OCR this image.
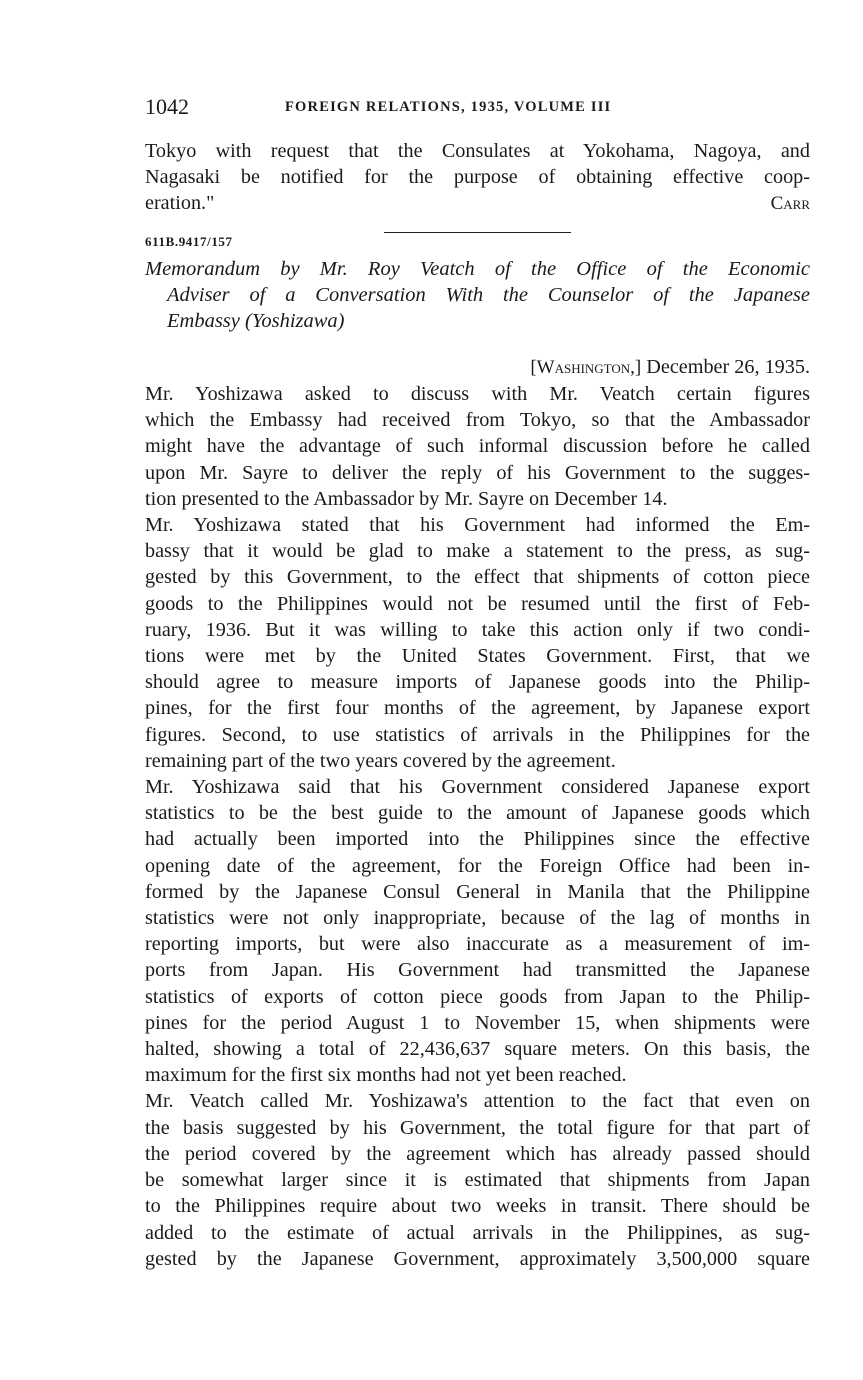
1042	FOREIGN RELATIONS, 1935, VOLUME III
Tokyo with request that the Consulates at Yokohama, Nagoya, and
Nagasaki be notified for the purpose of obtaining effective coop-
eration."	Carr
611B.9417/157
Memorandum by Mr. Roy Veatch of the Office of the Economic
Adviser of a Conversation With the Counselor of the Japanese
Embassy (Yoshizawa)
[Washington,] December 26, 1935.
Mr. Yoshizawa asked to discuss with Mr. Veatch certain figures
which the Embassy had received from Tokyo, so that the Ambassador
might have the advantage of such informal discussion before he called
upon Mr. Sayre to deliver the reply of his Government to the sugges-
tion presented to the Ambassador by Mr. Sayre on December 14.
Mr. Yoshizawa stated that his Government had informed the Em-
bassy that it would be glad to make a statement to the press, as sug-
gested by this Government, to the effect that shipments of cotton piece
goods to the Philippines would not be resumed until the first of Feb-
ruary, 1936. But it was willing to take this action only if two condi-
tions were met by the United States Government. First, that we
should agree to measure imports of Japanese goods into the Philip-
pines, for the first four months of the agreement, by Japanese export
figures. Second, to use statistics of arrivals in the Philippines for the
remaining part of the two years covered by the agreement.
Mr. Yoshizawa said that his Government considered Japanese export
statistics to be the best guide to the amount of Japanese goods which
had actually been imported into the Philippines since the effective
opening date of the agreement, for the Foreign Office had been in-
formed by the Japanese Consul General in Manila that the Philippine
statistics were not only inappropriate, because of the lag of months in
reporting imports, but were also inaccurate as a measurement of im-
ports from Japan. His Government had transmitted the Japanese
statistics of exports of cotton piece goods from Japan to the Philip-
pines for the period August 1 to November 15, when shipments were
halted, showing a total of 22,436,637 square meters. On this basis, the
maximum for the first six months had not yet been reached.
Mr. Veatch called Mr. Yoshizawa's attention to the fact that even on
the basis suggested by his Government, the total figure for that part of
the period covered by the agreement which has already passed should
be somewhat larger since it is estimated that shipments from Japan
to the Philippines require about two weeks in transit. There should be
added to the estimate of actual arrivals in the Philippines, as sug-
gested by the Japanese Government, approximately 3,500,000 square
